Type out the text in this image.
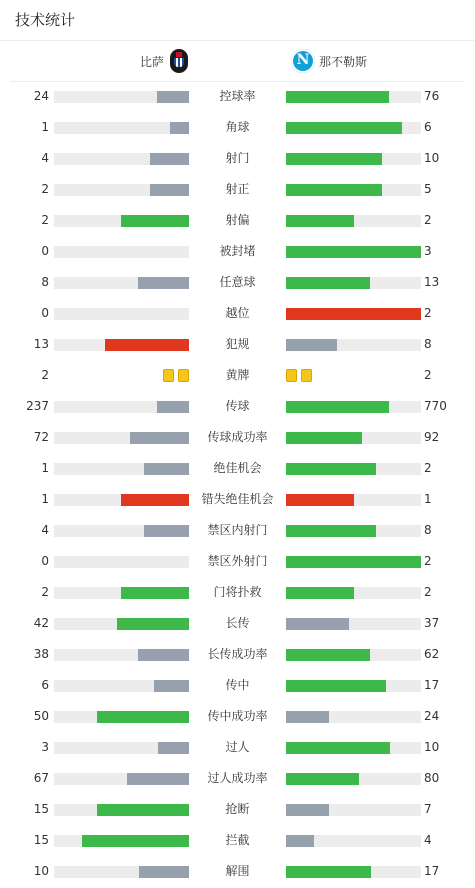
技术统计
比萨	N 那不勒斯
24	控球率	76
1	角球	6
4	射门	10
2	射正	5
2	射偏	2
0	被封堵	3
8	任意球	13
0	越位	2
13	犯规	8
2	黄牌	2
237	传球	770
72	传球成功率	92
1	绝佳机会	2
1	错失绝佳机会	1
4	禁区内射门	8
0	禁区外射门	2
2	门将扑救	2
42	长传	37
38	长传成功率	62
6	传中	17
50	传中成功率	24
3	过人	10
67	过人成功率	80
15	抢断	7
15	拦截	4
10	解围	17
